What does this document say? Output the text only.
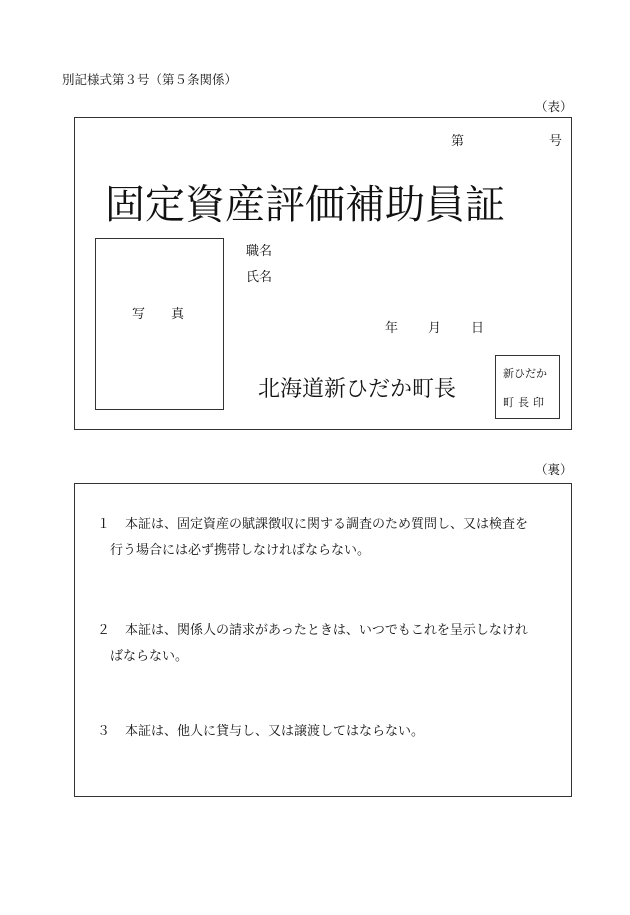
別記様式第３号（第５条関係）
（表）
第	号
固定資産評価補助員証
写　　真
職名
氏名
年 月 日
北海道新ひだか町長
新ひだか
町長印
（裏）
１	本証は、固定資産の賦課徴収に関する調査のため質問し、又は検査を
行う場合には必ず携帯しなければならない。
２	本証は、関係人の請求があったときは、いつでもこれを呈示しなけれ
ばならない。
３	本証は、他人に貸与し、又は譲渡してはならない。
